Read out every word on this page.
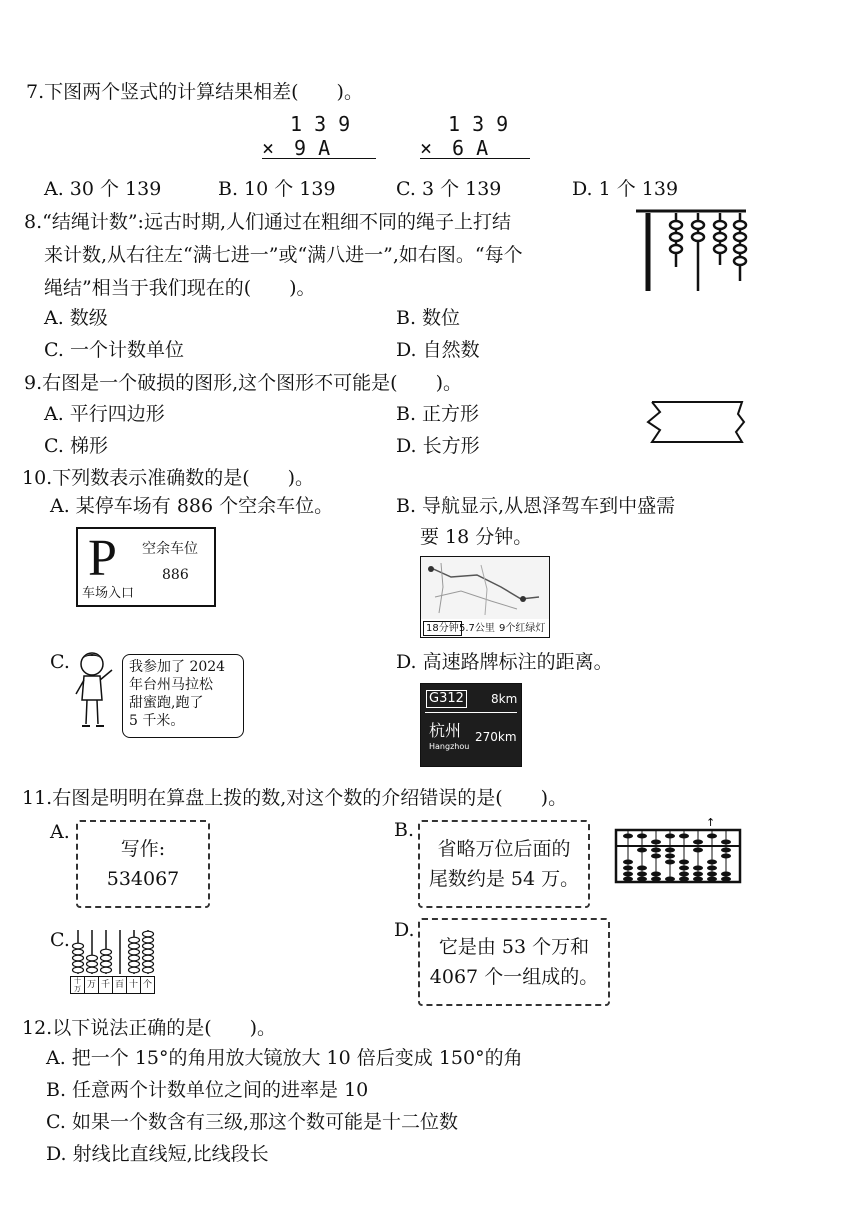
7.下图两个竖式的计算结果相差(　　)。
1 3 9
×　9 A
1 3 9
×　6 A
A. 30 个 139	B. 10 个 139	C. 3 个 139	D. 1 个 139
8.“结绳计数”:远古时期,人们通过在粗细不同的绳子上打结
来计数,从右往左“满七进一”或“满八进一”,如右图。“每个
绳结”相当于我们现在的(　　)。
A. 数级	B. 数位
C. 一个计数单位	D. 自然数
9.右图是一个破损的图形,这个图形不可能是(　　)。
A. 平行四边形	B. 正方形
C. 梯形	D. 长方形
10.下列数表示准确数的是(　　)。
A. 某停车场有 886 个空余车位。	B. 导航显示,从恩泽驾车到中盛需
要 18 分钟。
P 空余车位
886
车场入口
18分钟 5.7公里 9个红绿灯
C.	我参加了 2024
年台州马拉松
甜蜜跑,跑了
5 千米。
D. 高速路牌标注的距离。
G312 8km
杭州
Hangzhou
270km
11.右图是明明在算盘上拨的数,对这个数的介绍错误的是(　　)。
A.
写作:
534067
B.
省略万位后面的
尾数约是 54 万。
↑
C.
十万 万 千 百 十 个
D.
它是由 53 个万和
4067 个一组成的。
12.以下说法正确的是(　　)。
A. 把一个 15°的角用放大镜放大 10 倍后变成 150°的角
B. 任意两个计数单位之间的进率是 10
C. 如果一个数含有三级,那这个数可能是十二位数
D. 射线比直线短,比线段长
